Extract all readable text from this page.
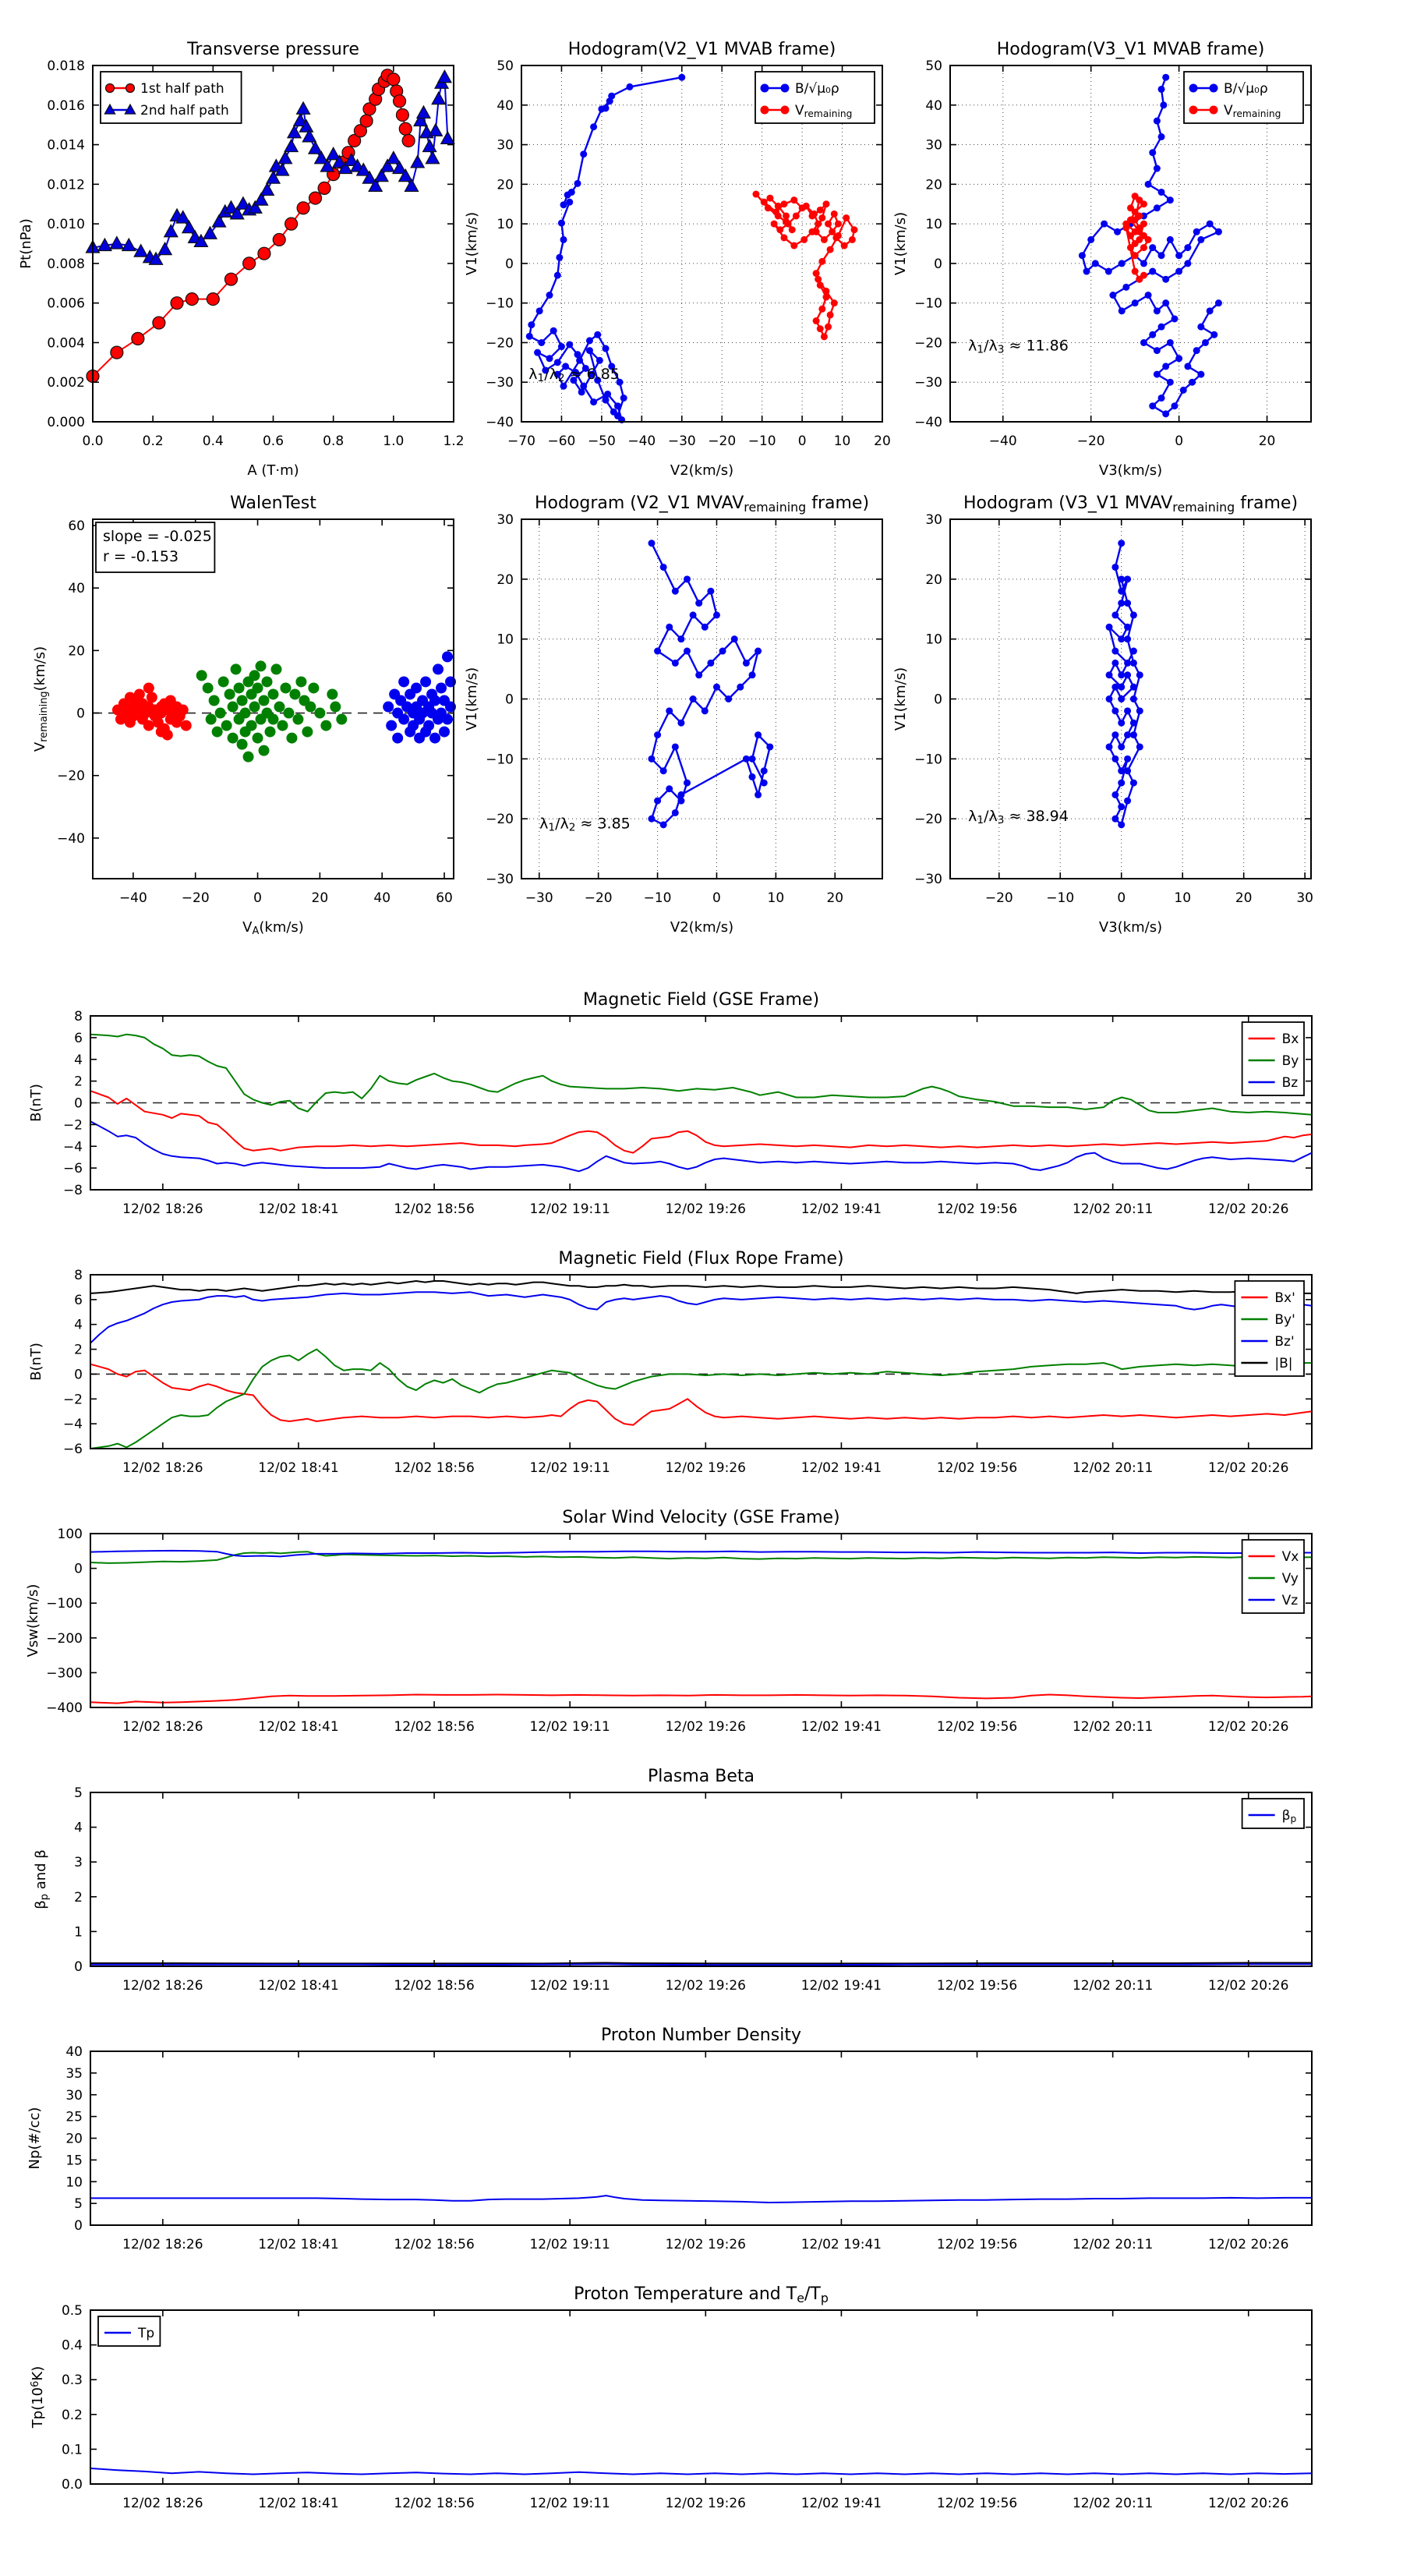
0.0	0.2	0.4	0.6	0.8	1.0	1.2
0.000
0.002
0.004
0.006
0.008
0.010
0.012
0.014
0.016
0.018
Transverse pressure
A (T·m)
Pt(nPa)
1st half path
2nd half path
−70 −60 −50 −40 −30 −20 −10 0 10 20
−40
−30
−20
−10
0
10
20
30
40
50
Hodogram(V2_V1 MVAB frame)
V2(km/s)
V1(km/s)
B/√μ₀ρ
Vremaining
λ1/λ2 ≈ 6.85
−40	−20	0	20
−40
−30
−20
−10
0
10
20
30
40
50
Hodogram(V3_V1 MVAB frame)
V3(km/s)
V1(km/s)
B/√μ₀ρ
Vremaining
λ1/λ3 ≈ 11.86
−40	−20	0	20	40	60
−40
−20
0
20
40
60
WalenTest
VA(km/s)
Vremaining(km/s)
slope = -0.025
r = -0.153
−30 −20 −10	0	10	20
−30
−20
−10
0
10
20
30
Hodogram (V2_V1 MVAVremaining frame)
V2(km/s)
V1(km/s)
λ1/λ2 ≈ 3.85
−20	−10	0	10	20	30
−30
−20
−10
0
10
20
30
Hodogram (V3_V1 MVAVremaining frame)
V3(km/s)
V1(km/s)
λ1/λ3 ≈ 38.94
12/02 18:26	12/02 18:41	12/02 18:56	12/02 19:11	12/02 19:26	12/02 19:41	12/02 19:56	12/02 20:11	12/02 20:26
−8
−6
−4
−2
0
2
4
6
8
Magnetic Field (GSE Frame)
B(nT)
Bx
By
Bz
12/02 18:26	12/02 18:41	12/02 18:56	12/02 19:11	12/02 19:26	12/02 19:41	12/02 19:56	12/02 20:11	12/02 20:26
−6
−4
−2
0
2
4
6
8
Magnetic Field (Flux Rope Frame)
B(nT)
Bx'
By'
Bz'
|B|
12/02 18:26	12/02 18:41	12/02 18:56	12/02 19:11	12/02 19:26	12/02 19:41	12/02 19:56	12/02 20:11	12/02 20:26
−400
−300
−200
−100
0
100
Solar Wind Velocity (GSE Frame)
Vsw(km/s)
Vx
Vy
Vz
12/02 18:26	12/02 18:41	12/02 18:56	12/02 19:11	12/02 19:26	12/02 19:41	12/02 19:56	12/02 20:11	12/02 20:26
0
1
2
3
4
5
Plasma Beta
βp and β
βp
12/02 18:26	12/02 18:41	12/02 18:56	12/02 19:11	12/02 19:26	12/02 19:41	12/02 19:56	12/02 20:11	12/02 20:26
0
5
10
15
20
25
30
35
40
Proton Number Density
Np(#/cc)
12/02 18:26	12/02 18:41	12/02 18:56	12/02 19:11	12/02 19:26	12/02 19:41	12/02 19:56	12/02 20:11	12/02 20:26
0.0
0.1
0.2
0.3
0.4
0.5
Proton Temperature and Te/Tp
Tp(106K)
Tp
